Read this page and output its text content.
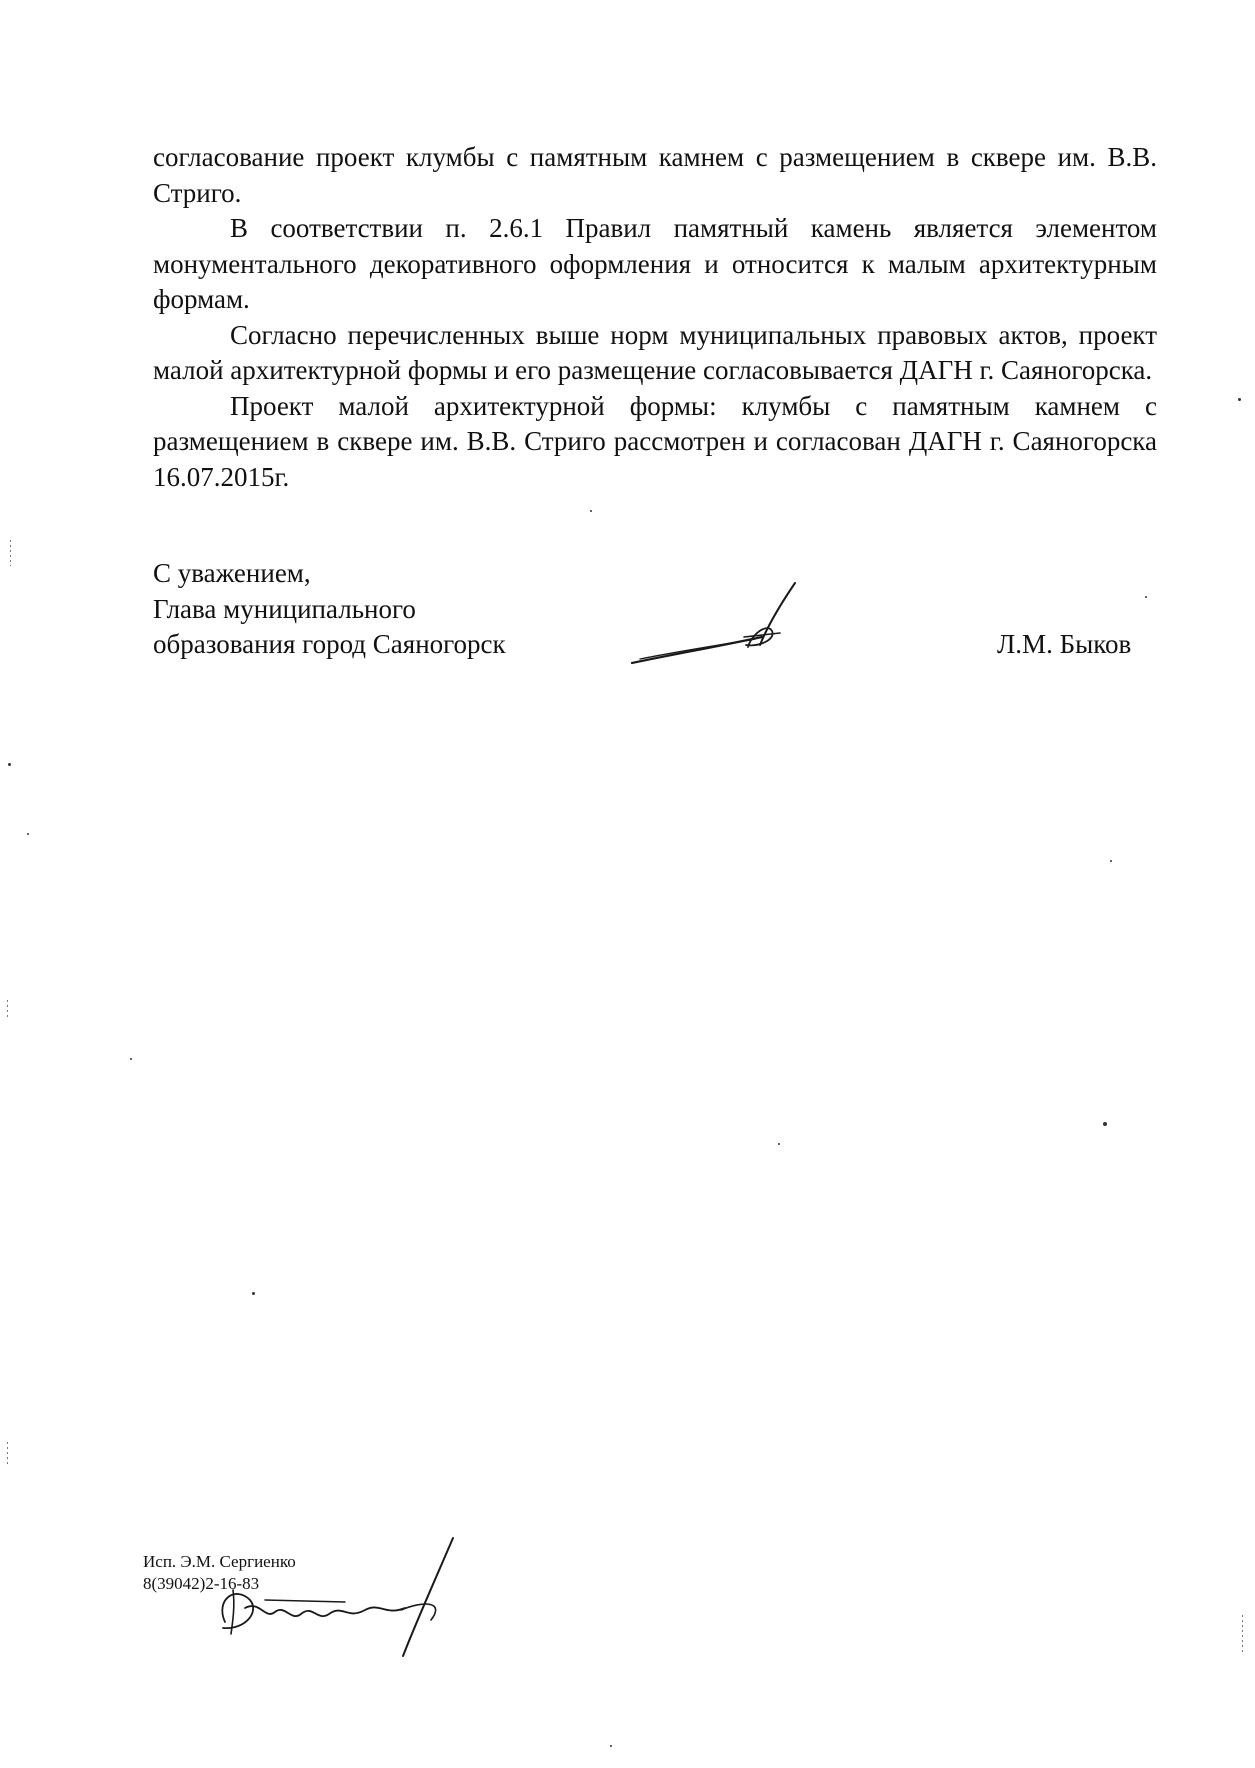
согласование проект клумбы с памятным камнем с размещением в сквере им. В.В. Стриго.

В соответствии п. 2.6.1 Правил памятный камень является элементом монументального декоративного оформления и относится к малым архитектурным формам.

Согласно перечисленных выше норм муниципальных правовых актов, проект малой архитектурной формы и его размещение согласовывается ДАГН г. Саяногорска.

Проект малой архитектурной формы: клумбы с памятным камнем с размещением в сквере им. В.В. Стриго рассмотрен и согласован ДАГН г. Саяногорска 16.07.2015г.

С уважением,
Глава муниципального
образования город Саяногорск	Л.М. Быков
Исп. Э.М. Сергиенко
8(39042)2-16-83
